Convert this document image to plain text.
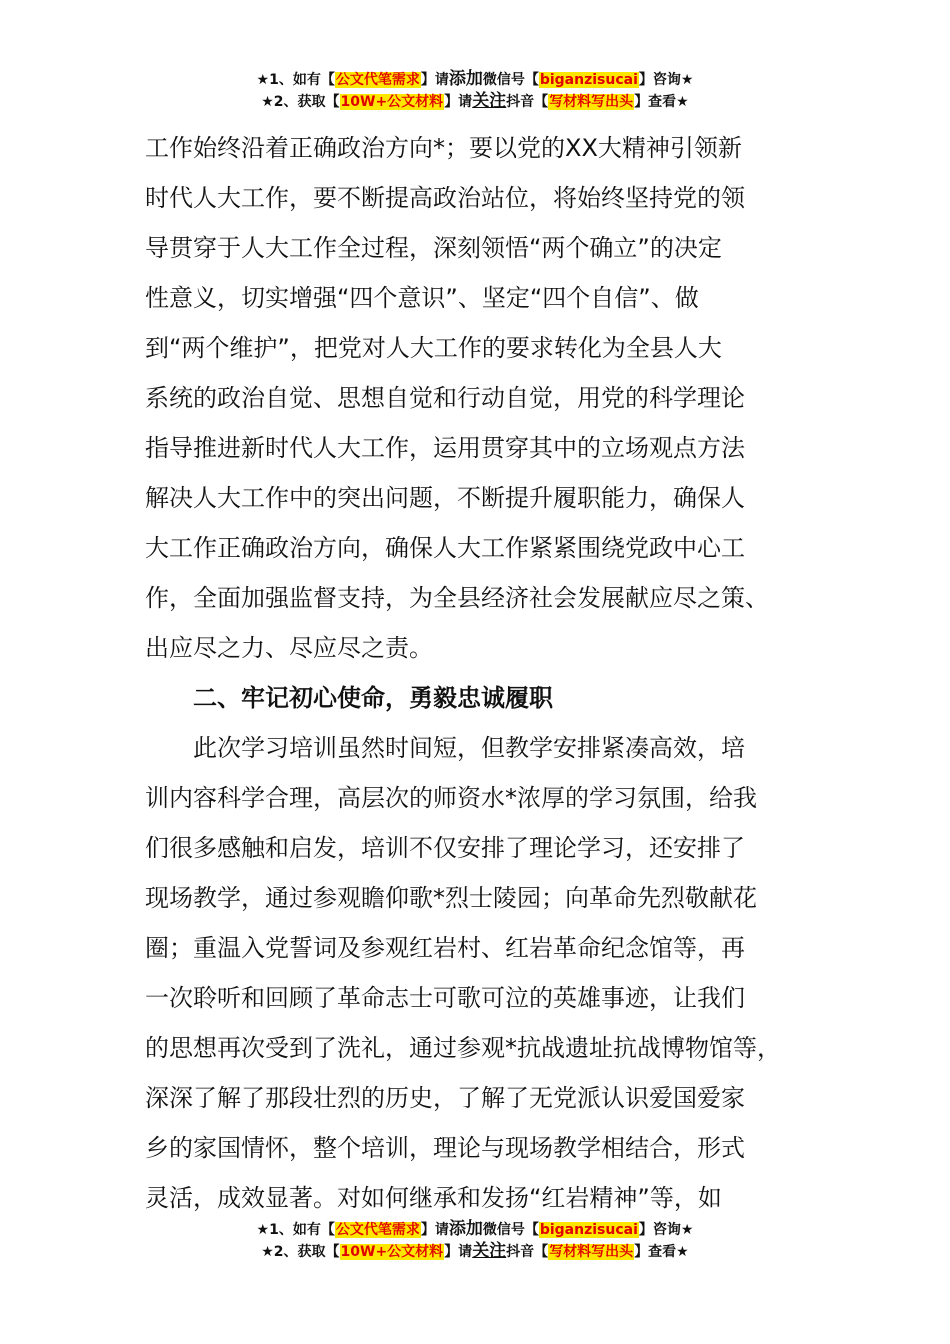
★1、如有【公文代笔需求】请添加微信号【biganzisucai】咨询★
★2、获取【10W+公文材料】请关注抖音【写材料写出头】查看★
工作始终沿着正确政治方向*；要以党的XX大精神引领新
时代人大工作，要不断提高政治站位，将始终坚持党的领
导贯穿于人大工作全过程，深刻领悟“两个确立”的决定
性意义，切实增强“四个意识”、坚定“四个自信”、做
到“两个维护”，把党对人大工作的要求转化为全县人大
系统的政治自觉、思想自觉和行动自觉，用党的科学理论
指导推进新时代人大工作，运用贯穿其中的立场观点方法
解决人大工作中的突出问题，不断提升履职能力，确保人
大工作正确政治方向，确保人大工作紧紧围绕党政中心工
作，全面加强监督支持，为全县经济社会发展献应尽之策、
出应尽之力、尽应尽之责。
二、牢记初心使命，勇毅忠诚履职
此次学习培训虽然时间短，但教学安排紧凑高效，培
训内容科学合理，高层次的师资水*浓厚的学习氛围，给我
们很多感触和启发，培训不仅安排了理论学习，还安排了
现场教学，通过参观瞻仰歌*烈士陵园；向革命先烈敬献花
圈；重温入党誓词及参观红岩村、红岩革命纪念馆等，再
一次聆听和回顾了革命志士可歌可泣的英雄事迹，让我们
的思想再次受到了洗礼，通过参观*抗战遗址抗战博物馆等，
深深了解了那段壮烈的历史，了解了无党派认识爱国爱家
乡的家国情怀，整个培训，理论与现场教学相结合，形式
灵活，成效显著。对如何继承和发扬“红岩精神”等，如
★1、如有【公文代笔需求】请添加微信号【biganzisucai】咨询★
★2、获取【10W+公文材料】请关注抖音【写材料写出头】查看★
